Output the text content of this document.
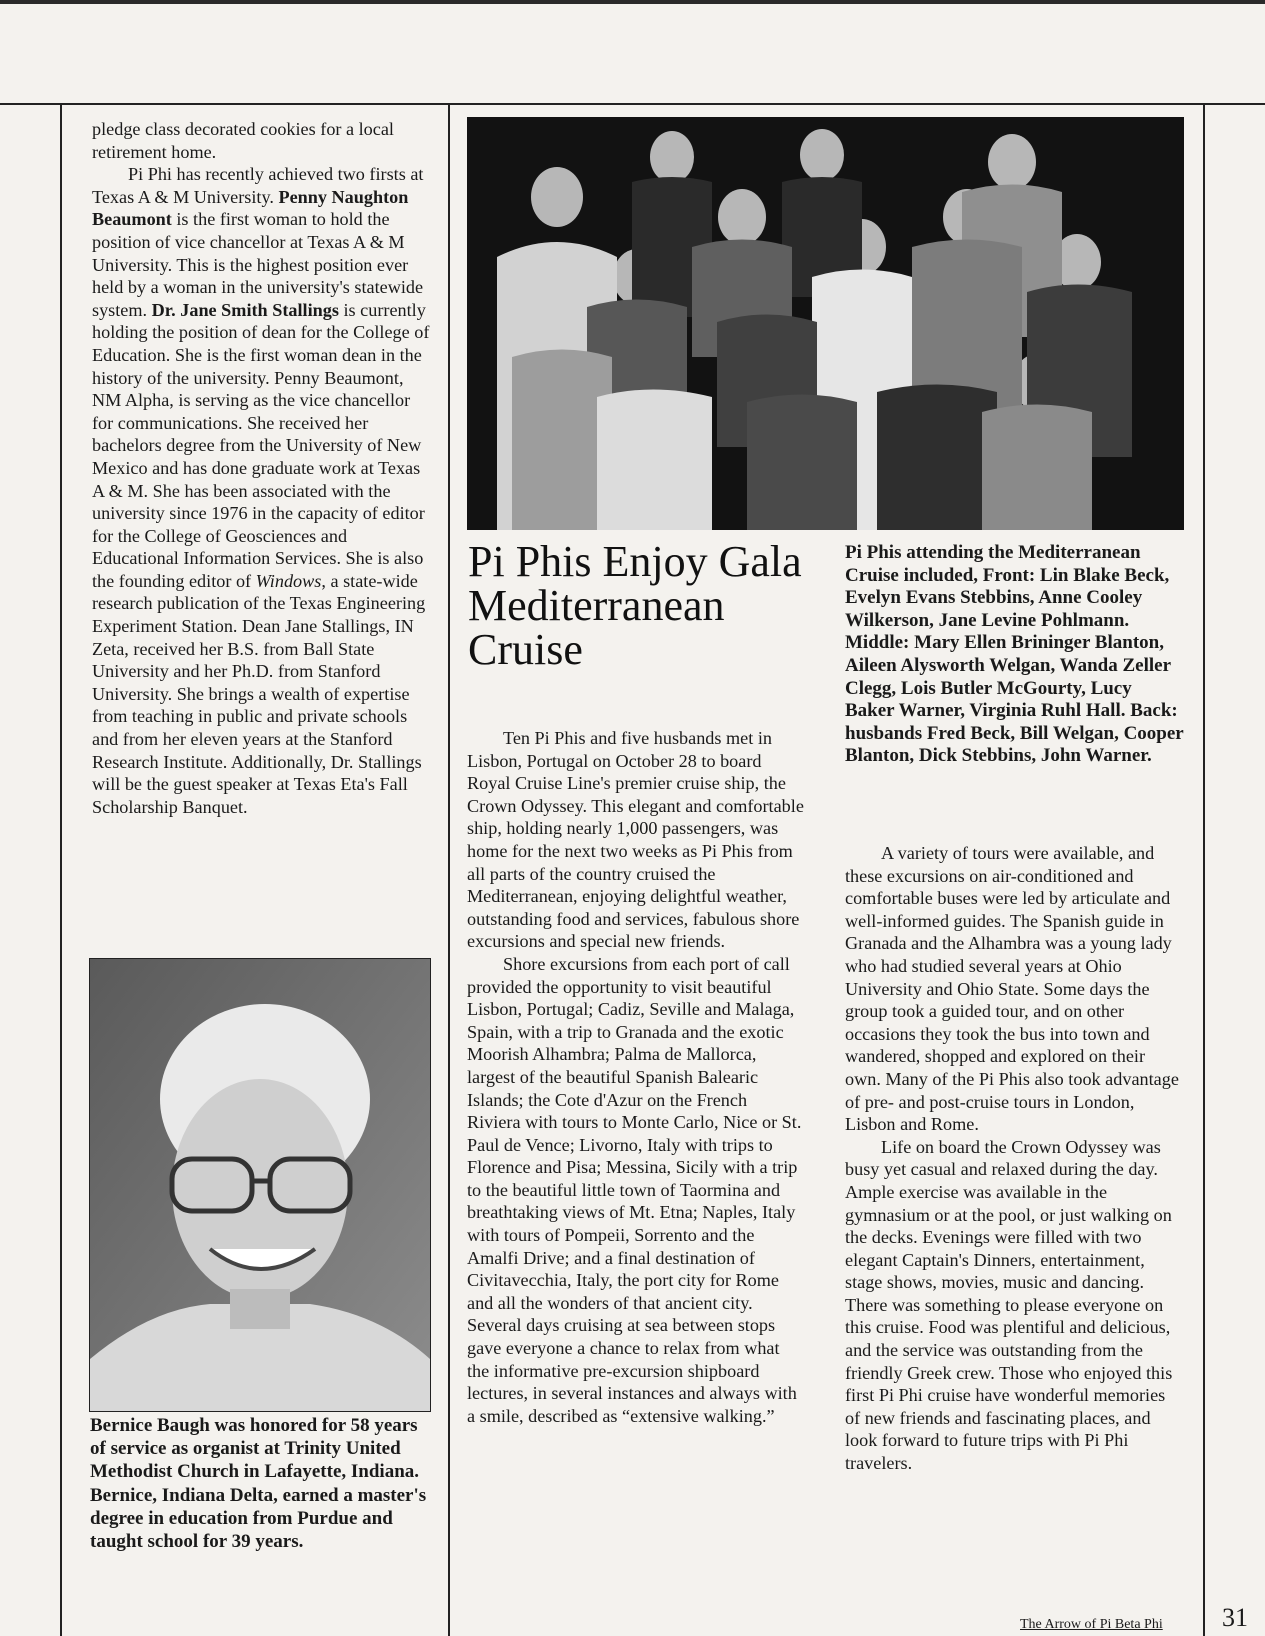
pledge class decorated cookies for a local retirement home.

Pi Phi has recently achieved two firsts at Texas A & M University. Penny Naughton Beaumont is the first woman to hold the position of vice chancellor at Texas A & M University. This is the highest position ever held by a woman in the university's statewide system. Dr. Jane Smith Stallings is currently holding the position of dean for the College of Education. She is the first woman dean in the history of the university. Penny Beaumont, NM Alpha, is serving as the vice chancellor for communications. She received her bachelors degree from the University of New Mexico and has done graduate work at Texas A & M. She has been associated with the university since 1976 in the capacity of editor for the College of Geosciences and Educational Information Services. She is also the founding editor of Windows, a state-wide research publication of the Texas Engineering Experiment Station. Dean Jane Stallings, IN Zeta, received her B.S. from Ball State University and her Ph.D. from Stanford University. She brings a wealth of expertise from teaching in public and private schools and from her eleven years at the Stanford Research Institute. Additionally, Dr. Stallings will be the guest speaker at Texas Eta's Fall Scholarship Banquet.

Bernice Baugh was honored for 58 years of service as organist at Trinity United Methodist Church in Lafayette, Indiana. Bernice, Indiana Delta, earned a master's degree in education from Purdue and taught school for 39 years.
Pi Phis Enjoy Gala Mediterranean Cruise

Ten Pi Phis and five husbands met in Lisbon, Portugal on October 28 to board Royal Cruise Line's premier cruise ship, the Crown Odyssey. This elegant and comfortable ship, holding nearly 1,000 passengers, was home for the next two weeks as Pi Phis from all parts of the country cruised the Mediterranean, enjoying delightful weather, outstanding food and services, fabulous shore excursions and special new friends.

Shore excursions from each port of call provided the opportunity to visit beautiful Lisbon, Portugal; Cadiz, Seville and Malaga, Spain, with a trip to Granada and the exotic Moorish Alhambra; Palma de Mallorca, largest of the beautiful Spanish Balearic Islands; the Cote d'Azur on the French Riviera with tours to Monte Carlo, Nice or St. Paul de Vence; Livorno, Italy with trips to Florence and Pisa; Messina, Sicily with a trip to the beautiful little town of Taormina and breathtaking views of Mt. Etna; Naples, Italy with tours of Pompeii, Sorrento and the Amalfi Drive; and a final destination of Civitavecchia, Italy, the port city for Rome and all the wonders of that ancient city. Several days cruising at sea between stops gave everyone a chance to relax from what the informative pre-excursion shipboard lectures, in several instances and always with a smile, described as “extensive walking.”

Pi Phis attending the Mediterranean Cruise included, Front: Lin Blake Beck, Evelyn Evans Stebbins, Anne Cooley Wilkerson, Jane Levine Pohlmann. Middle: Mary Ellen Brininger Blanton, Aileen Alysworth Welgan, Wanda Zeller Clegg, Lois Butler McGourty, Lucy Baker Warner, Virginia Ruhl Hall. Back: husbands Fred Beck, Bill Welgan, Cooper Blanton, Dick Stebbins, John Warner.

A variety of tours were available, and these excursions on air-conditioned and comfortable buses were led by articulate and well-informed guides. The Spanish guide in Granada and the Alhambra was a young lady who had studied several years at Ohio University and Ohio State. Some days the group took a guided tour, and on other occasions they took the bus into town and wandered, shopped and explored on their own. Many of the Pi Phis also took advantage of pre- and post-cruise tours in London, Lisbon and Rome.

Life on board the Crown Odyssey was busy yet casual and relaxed during the day. Ample exercise was available in the gymnasium or at the pool, or just walking on the decks. Evenings were filled with two elegant Captain's Dinners, entertainment, stage shows, movies, music and dancing. There was something to please everyone on this cruise. Food was plentiful and delicious, and the service was outstanding from the friendly Greek crew. Those who enjoyed this first Pi Phi cruise have wonderful memories of new friends and fascinating places, and look forward to future trips with Pi Phi travelers.

The Arrow of Pi Beta Phi 31
